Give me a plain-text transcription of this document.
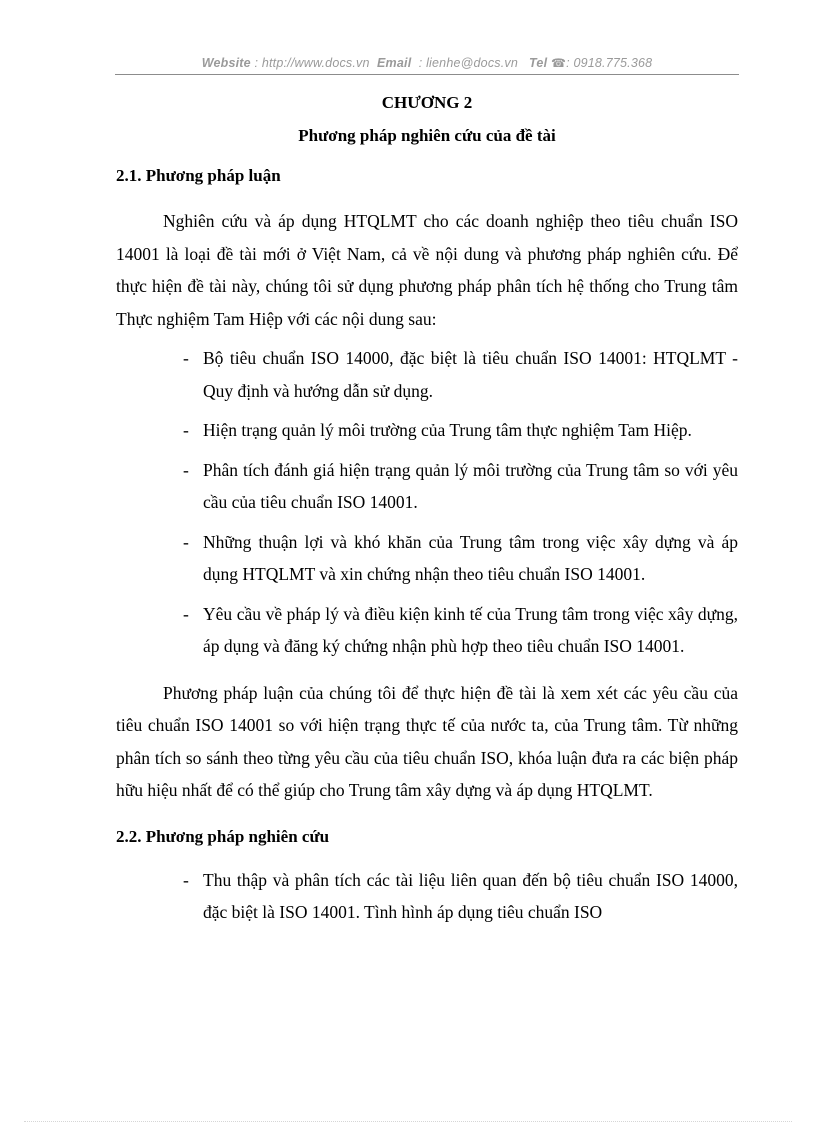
Website : http://www.docs.vn Email : lienhe@docs.vn Tel ☎: 0918.775.368
CHƯƠNG 2
Phương pháp nghiên cứu của đề tài
2.1. Phương pháp luận

Nghiên cứu và áp dụng HTQLMT cho các doanh nghiệp theo tiêu chuẩn ISO 14001 là loại đề tài mới ở Việt Nam, cả về nội dung và phương pháp nghiên cứu. Để thực hiện đề tài này, chúng tôi sử dụng phương pháp phân tích hệ thống cho Trung tâm Thực nghiệm Tam Hiệp với các nội dung sau:

- Bộ tiêu chuẩn ISO 14000, đặc biệt là tiêu chuẩn ISO 14001: HTQLMT - Quy định và hướng dẫn sử dụng.
- Hiện trạng quản lý môi trường của Trung tâm thực nghiệm Tam Hiệp.
- Phân tích đánh giá hiện trạng quản lý môi trường của Trung tâm so với yêu cầu của tiêu chuẩn ISO 14001.
- Những thuận lợi và khó khăn của Trung tâm trong việc xây dựng và áp dụng HTQLMT và xin chứng nhận theo tiêu chuẩn ISO 14001.
- Yêu cầu về pháp lý và điều kiện kinh tế của Trung tâm trong việc xây dựng, áp dụng và đăng ký chứng nhận phù hợp theo tiêu chuẩn ISO 14001.

Phương pháp luận của chúng tôi để thực hiện đề tài là xem xét các yêu cầu của tiêu chuẩn ISO 14001 so với hiện trạng thực tế của nước ta, của Trung tâm. Từ những phân tích so sánh theo từng yêu cầu của tiêu chuẩn ISO, khóa luận đưa ra các biện pháp hữu hiệu nhất để có thể giúp cho Trung tâm xây dựng và áp dụng HTQLMT.

2.2. Phương pháp nghiên cứu
- Thu thập và phân tích các tài liệu liên quan đến bộ tiêu chuẩn ISO 14000, đặc biệt là ISO 14001. Tình hình áp dụng tiêu chuẩn ISO
